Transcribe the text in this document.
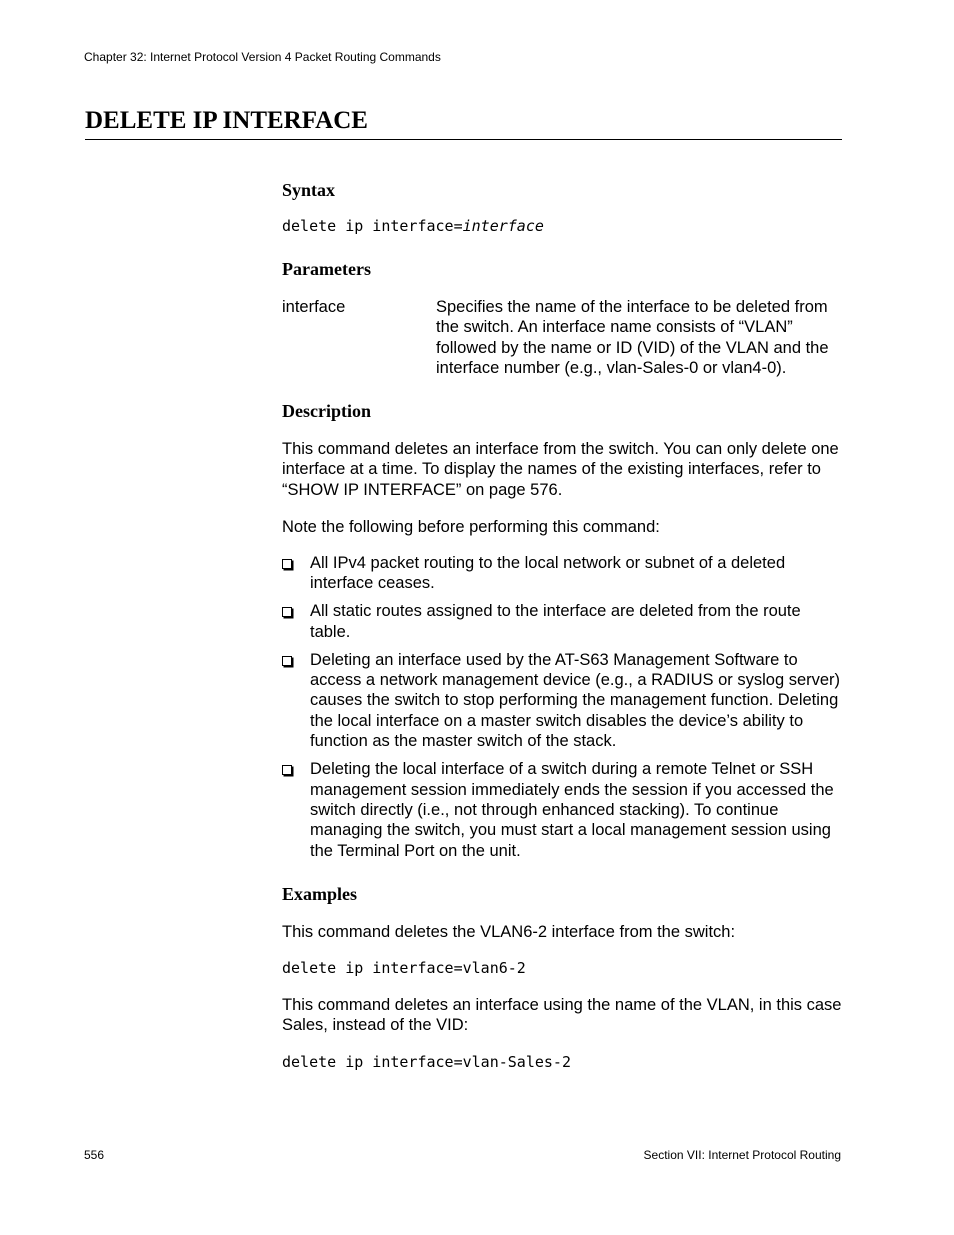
Chapter 32: Internet Protocol Version 4 Packet Routing Commands
DELETE IP INTERFACE
Syntax
delete ip interface=interface
Parameters
interface	Specifies the name of the interface to be deleted from the switch. An interface name consists of “VLAN” followed by the name or ID (VID) of the VLAN and the interface number (e.g., vlan-Sales-0 or vlan4-0).
Description
This command deletes an interface from the switch. You can only delete one interface at a time. To display the names of the existing interfaces, refer to “SHOW IP INTERFACE” on page 576.
Note the following before performing this command:
All IPv4 packet routing to the local network or subnet of a deleted interface ceases.
All static routes assigned to the interface are deleted from the route table.
Deleting an interface used by the AT-S63 Management Software to access a network management device (e.g., a RADIUS or syslog server) causes the switch to stop performing the management function. Deleting the local interface on a master switch disables the device’s ability to function as the master switch of the stack.
Deleting the local interface of a switch during a remote Telnet or SSH management session immediately ends the session if you accessed the switch directly (i.e., not through enhanced stacking). To continue managing the switch, you must start a local management session using the Terminal Port on the unit.
Examples
This command deletes the VLAN6-2 interface from the switch:
delete ip interface=vlan6-2
This command deletes an interface using the name of the VLAN, in this case Sales, instead of the VID:
delete ip interface=vlan-Sales-2
556	Section VII: Internet Protocol Routing
